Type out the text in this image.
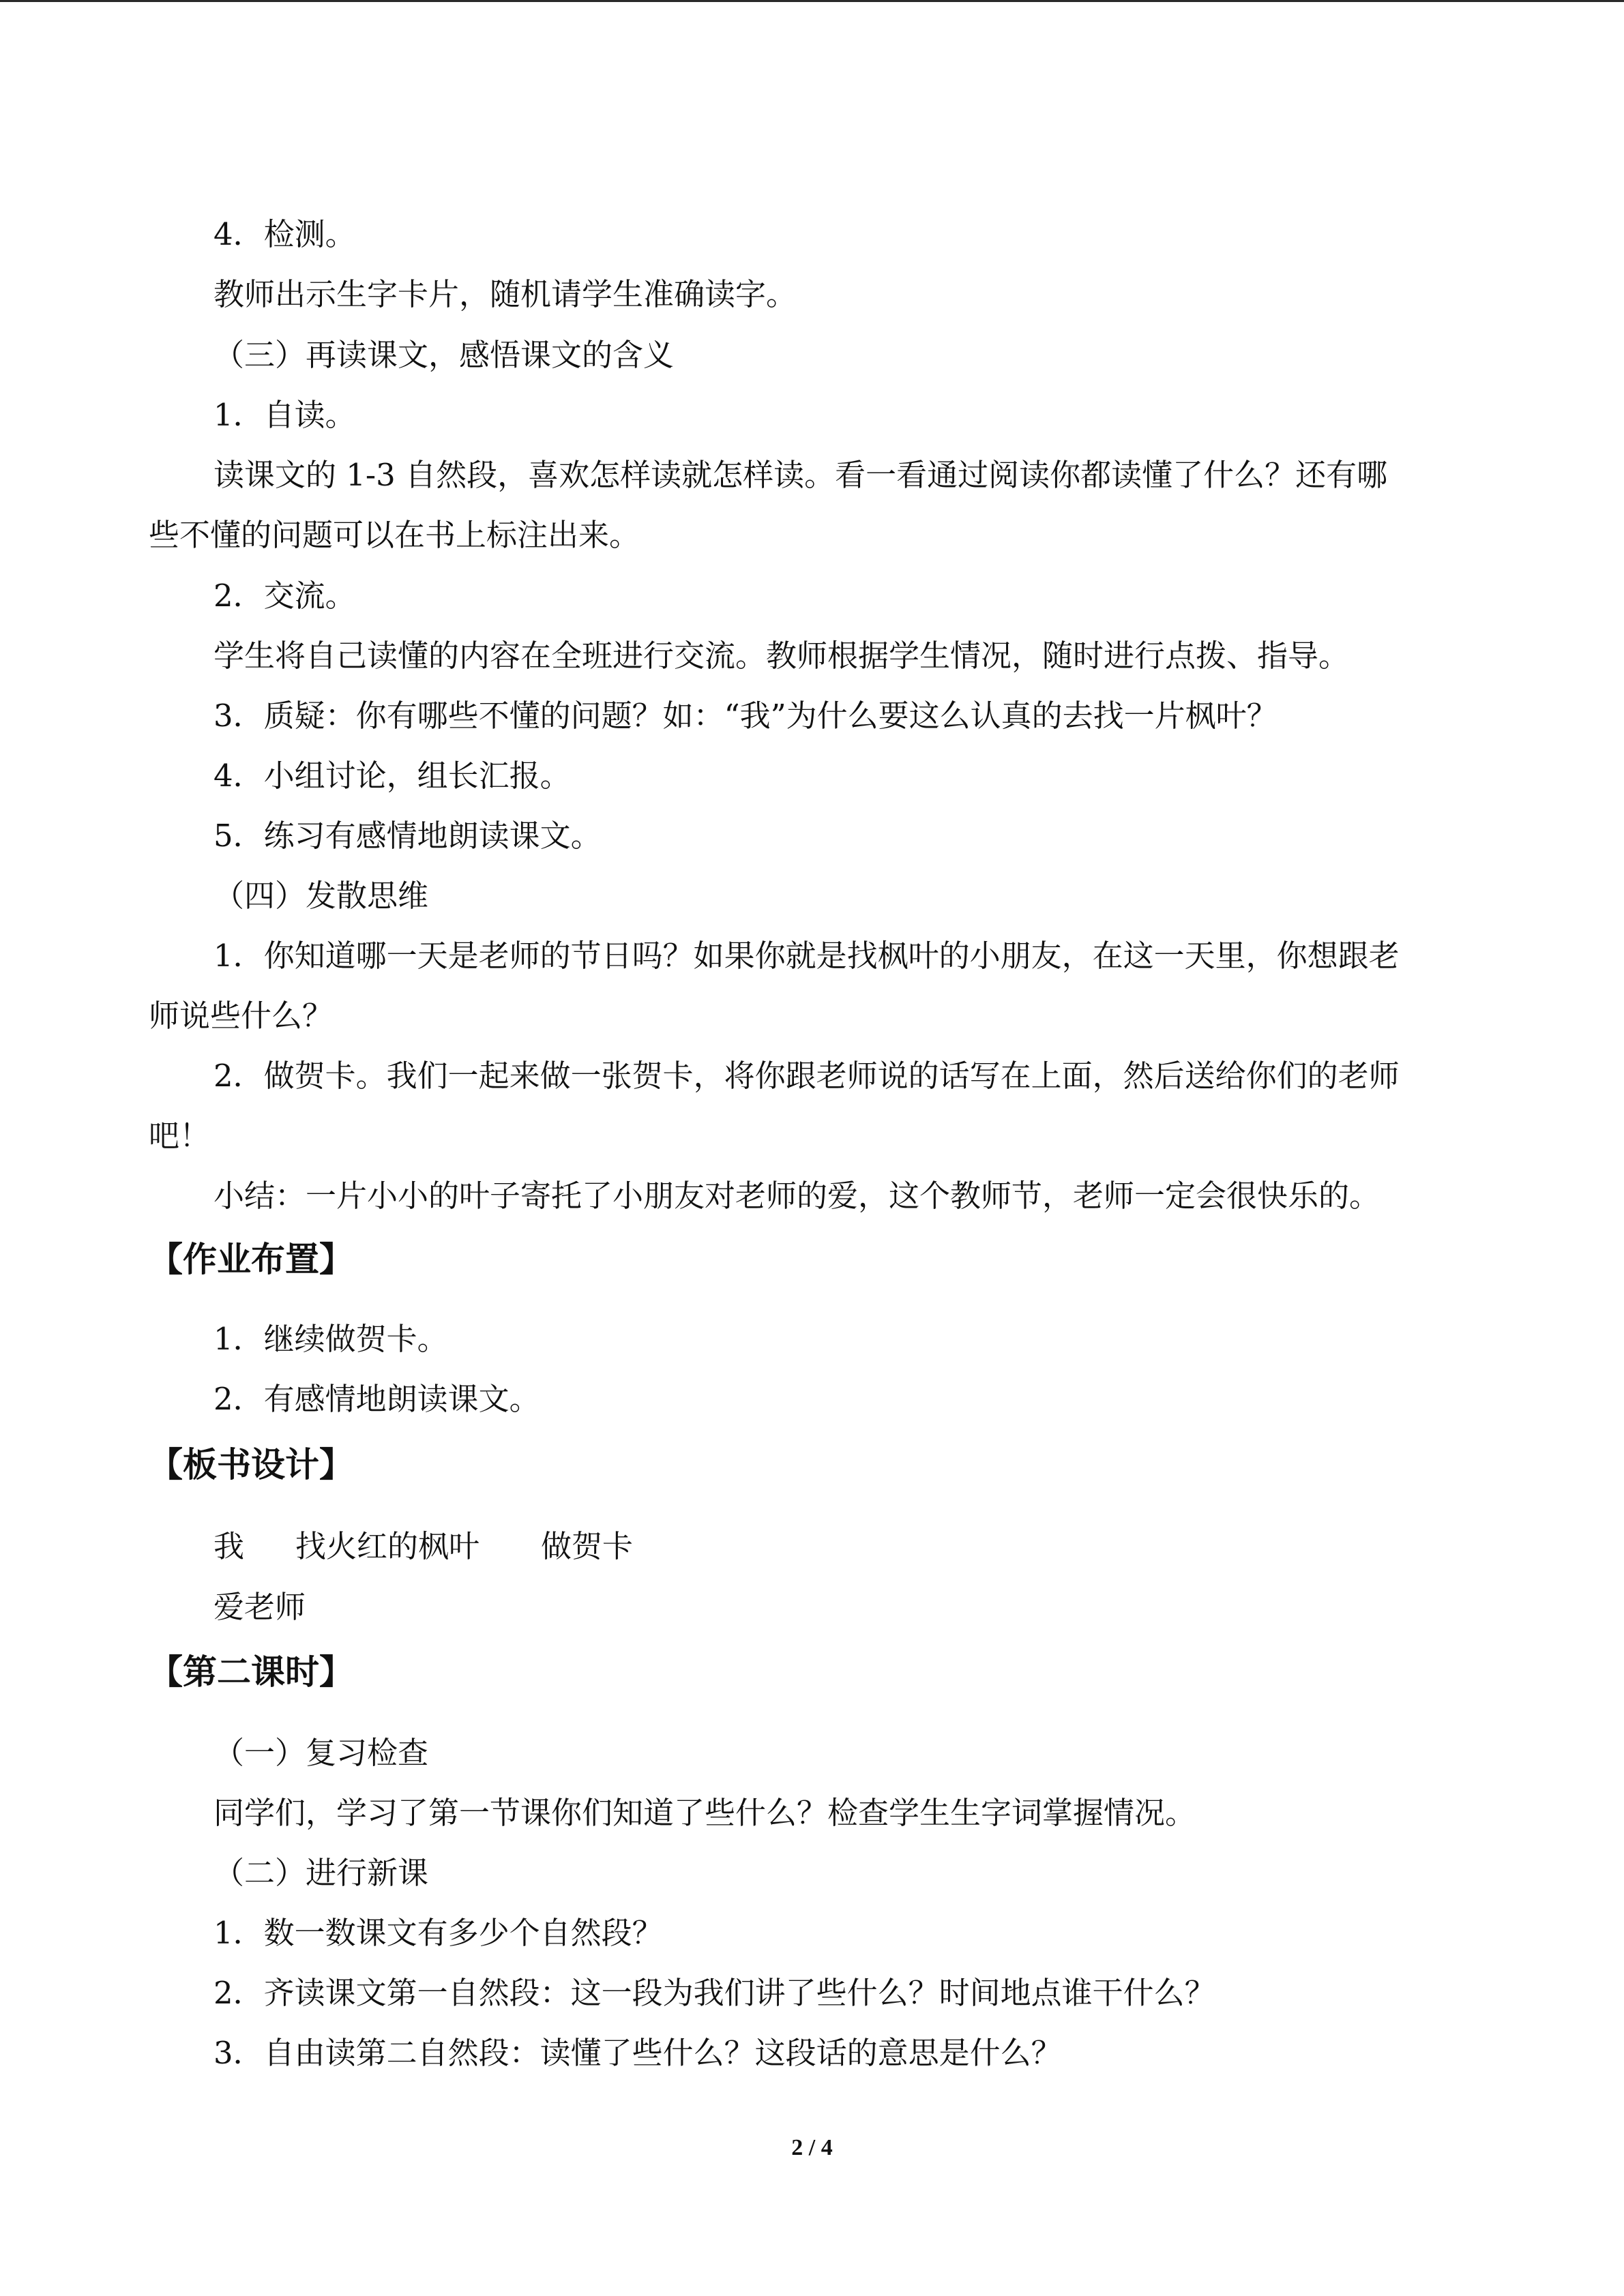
4．检测。
教师出示生字卡片，随机请学生准确读字。
（三）再读课文，感悟课文的含义
1．自读。
读课文的 1-3 自然段，喜欢怎样读就怎样读。看一看通过阅读你都读懂了什么？还有哪
些不懂的问题可以在书上标注出来。
2．交流。
学生将自己读懂的内容在全班进行交流。教师根据学生情况，随时进行点拨、指导。
3．质疑：你有哪些不懂的问题？如：“我”为什么要这么认真的去找一片枫叶？
4．小组讨论，组长汇报。
5．练习有感情地朗读课文。
（四）发散思维
1．你知道哪一天是老师的节日吗？如果你就是找枫叶的小朋友，在这一天里，你想跟老
师说些什么？
2．做贺卡。我们一起来做一张贺卡，将你跟老师说的话写在上面，然后送给你们的老师
吧！
小结：一片小小的叶子寄托了小朋友对老师的爱，这个教师节，老师一定会很快乐的。
【作业布置】
1．继续做贺卡。
2．有感情地朗读课文。
【板书设计】
我 找火红的枫叶 做贺卡
爱老师
【第二课时】
（一）复习检查
同学们，学习了第一节课你们知道了些什么？检查学生生字词掌握情况。
（二）进行新课
1．数一数课文有多少个自然段？
2．齐读课文第一自然段：这一段为我们讲了些什么？时间地点谁干什么？
3．自由读第二自然段：读懂了些什么？这段话的意思是什么？
2 / 4
